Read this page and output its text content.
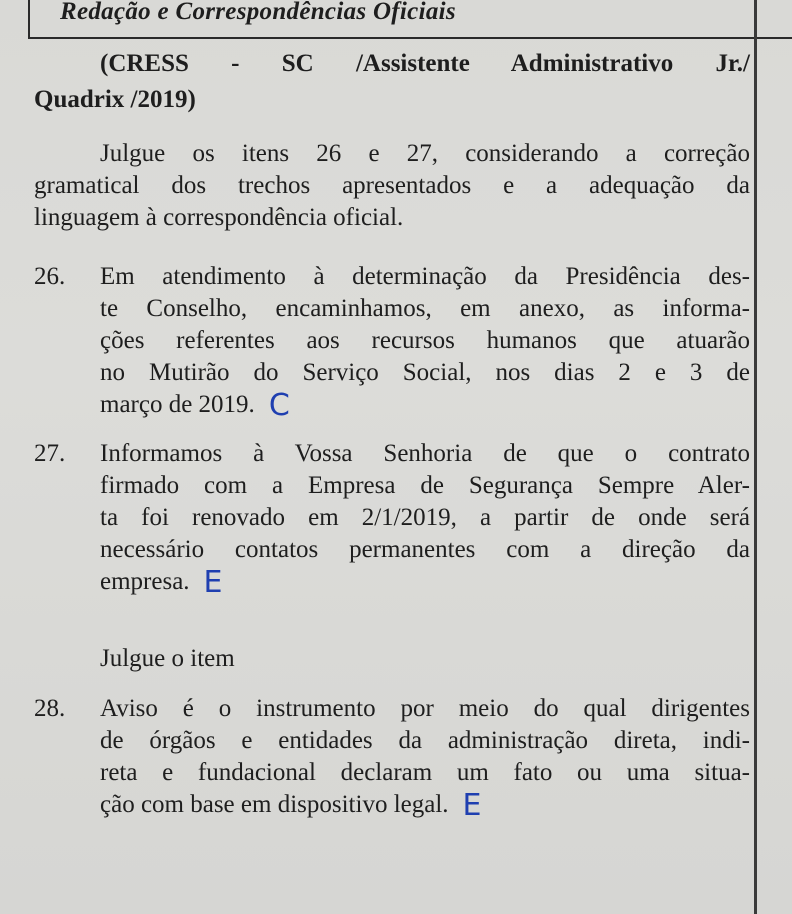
Redação e Correspondências Oficiais
(CRESS - SC /Assistente Administrativo Jr./
Quadrix /2019)
Julgue os itens 26 e 27, considerando a correção
gramatical dos trechos apresentados e a adequação da
linguagem à correspondência oficial.
26. Em atendimento à determinação da Presidência des-
te Conselho, encaminhamos, em anexo, as informa-
ções referentes aos recursos humanos que atuarão
no Mutirão do Serviço Social, nos dias 2 e 3 de
março de 2019. C
27. Informamos à Vossa Senhoria de que o contrato
firmado com a Empresa de Segurança Sempre Aler-
ta foi renovado em 2/1/2019, a partir de onde será
necessário contatos permanentes com a direção da
empresa. E
Julgue o item
28. Aviso é o instrumento por meio do qual dirigentes
de órgãos e entidades da administração direta, indi-
reta e fundacional declaram um fato ou uma situa-
ção com base em dispositivo legal. E
